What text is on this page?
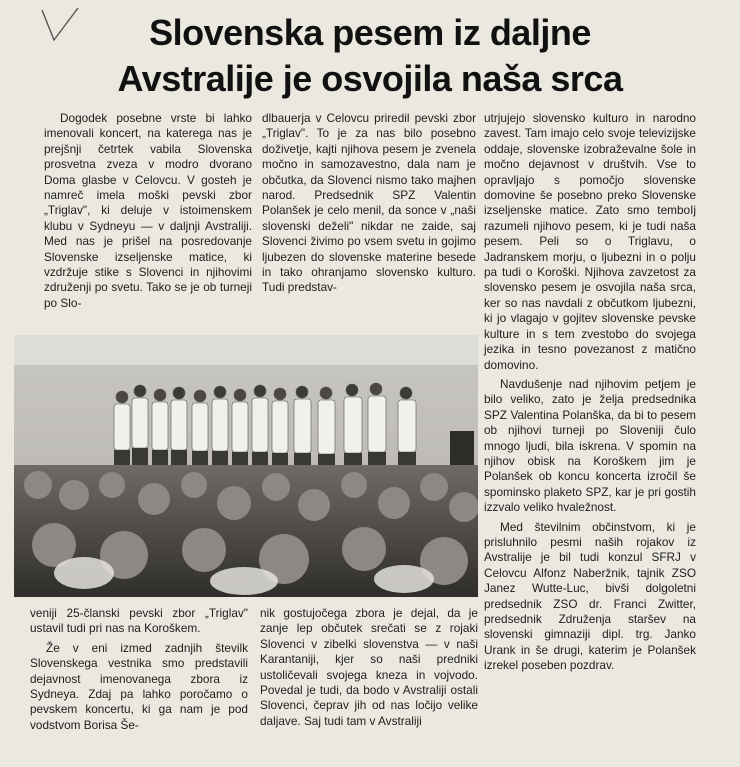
Slovenska pesem iz daljne
Avstralije je osvojila naša srca

Dogodek posebne vrste bi lahko imenovali koncert, na katerega nas je prejšnji četrtek vabila Slovenska prosvetna zveza v modro dvorano Doma glasbe v Celovcu. V gosteh je namreč imela moški pevski zbor „Triglav", ki deluje v istoimenskem klubu v Sydneyu — v daljnji Avstraliji. Med nas je prišel na posredovanje Slovenske izseljenske matice, ki vzdržuje stike s Slovenci in njihovimi združenji po svetu. Tako se je ob turneji po Slo-

dlbauerja v Celovcu priredil pevski zbor „Triglav". To je za nas bilo posebno doživetje, kajti njihova pesem je zvenela močno in samozavestno, dala nam je občutka, da Slovenci nismo tako majhen narod. Predsednik SPZ Valentin Polanšek je celo menil, da sonce v „naši slovenski deželi" nikdar ne zaide, saj Slovenci živimo po vsem svetu in gojimo ljubezen do slovenske materine besede in tako ohranjamo slovensko kulturo. Tudi predstav-

utrjujejo slovensko kulturo in narodno zavest. Tam imajo celo svoje televizijske oddaje, slovenske izobraževalne šole in močno dejavnost v društvih. Vse to opravljajo s pomočjo slovenske domovine še posebno preko Slovenske izseljenske matice. Zato smo temboIj razumeli njihovo pesem, ki je tudi naša pesem. Peli so o Triglavu, o Jadranskem morju, o ljubezni in o polju pa tudi o Koroški. Njihova zavzetost za slovensko pesem je osvojila naša srca, ker so nas navdali z občutkom ljubezni, ki jo vlagajo v gojitev slovenske pevske kulture in s tem zvestobo do svojega jezika in tesno povezanost z matično domovino.

Navdušenje nad njihovim petjem je bilo veliko, zato je želja predsednika SPZ Valentina Polanška, da bi to pesem ob njihovi turneji po Sloveniji čulo mnogo ljudi, bila iskrena. V spomin na njihov obisk na Koroškem jim je Polanšek ob koncu koncerta izročil še spominsko plaketo SPZ, kar je pri gostih izzvalo veliko hvaležnost.

Med številnim občinstvom, ki je prisluhnilo pesmi naših rojakov iz Avstralije je bil tudi konzul SFRJ v Celovcu Alfonz Naberžnik, tajnik ZSO Janez Wutte-Luc, bivši dolgoletni predsednik ZSO dr. Franci Zwitter, predsednik Združenja staršev na slovenski gimnaziji dipl. trg. Janko Urank in še drugi, katerim je Polanšek izrekel poseben pozdrav.

veniji 25-članski pevski zbor „Triglav" ustavil tudi pri nas na Koroškem.

Že v eni izmed zadnjih številk Slovenskega vestnika smo predstavili dejavnost imenovanega zbora iz Sydneya. Zdaj pa lahko poročamo o pevskem koncertu, ki ga nam je pod vodstvom Borisa Še-

nik gostujočega zbora je dejal, da je zanje lep občutek srečati se z rojaki Slovenci v zibelki slovenstva — v naši Karantaniji, kjer so naši predniki ustoličevali svojega kneza in vojvodo. Povedal je tudi, da bodo v Avstraliji ostali Slovenci, čeprav jih od nas ločijo velike daljave. Saj tudi tam v Avstraliji
